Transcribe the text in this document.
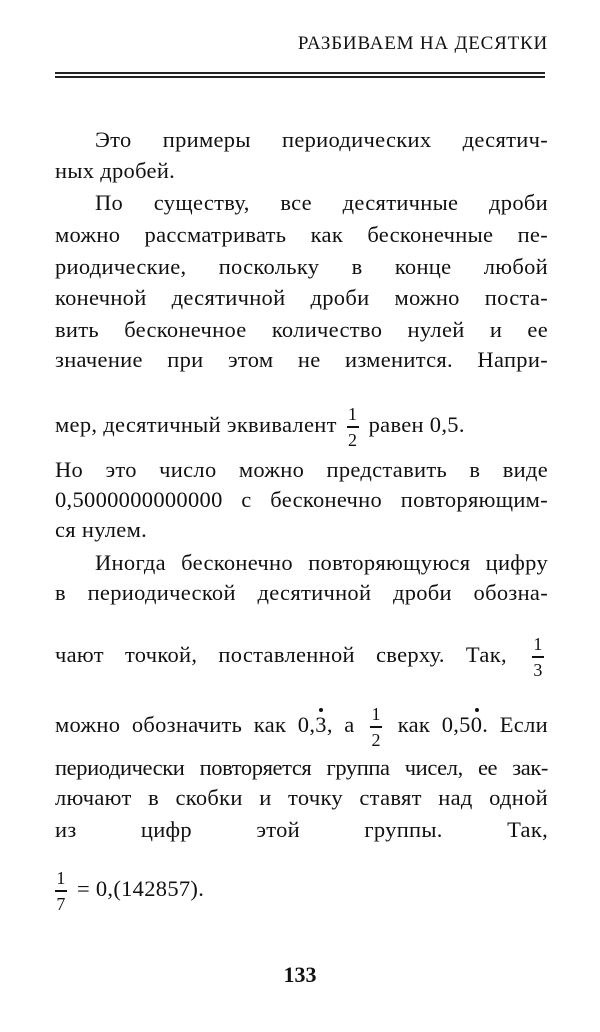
РАЗБИВАЕМ НА ДЕСЯТКИ
Это примеры периодических десятич-
ных дробей.
По существу, все десятичные дроби
можно рассматривать как бесконечные пе-
риодические, поскольку в конце любой
конечной десятичной дроби можно поста-
вить бесконечное количество нулей и ее
значение при этом не изменится. Напри-
мер, десятичный эквивалент $\frac{1}{2}$ равен 0,5.
Но это число можно представить в виде
0,5000000000000 с бесконечно повторяющим-
ся нулем.
Иногда бесконечно повторяющуюся цифру
в периодической десятичной дроби обозна-
чают точкой, поставленной сверху. Так, $\frac{1}{3}$
можно обозначить как 0,3, а $\frac{1}{2}$ как 0,50. Если
периодически повторяется группа чисел, ее зак-
лючают в скобки и точку ставят над одной
из цифр этой группы. Так,
$\frac{1}{7} = 0,(142857)$.
133
